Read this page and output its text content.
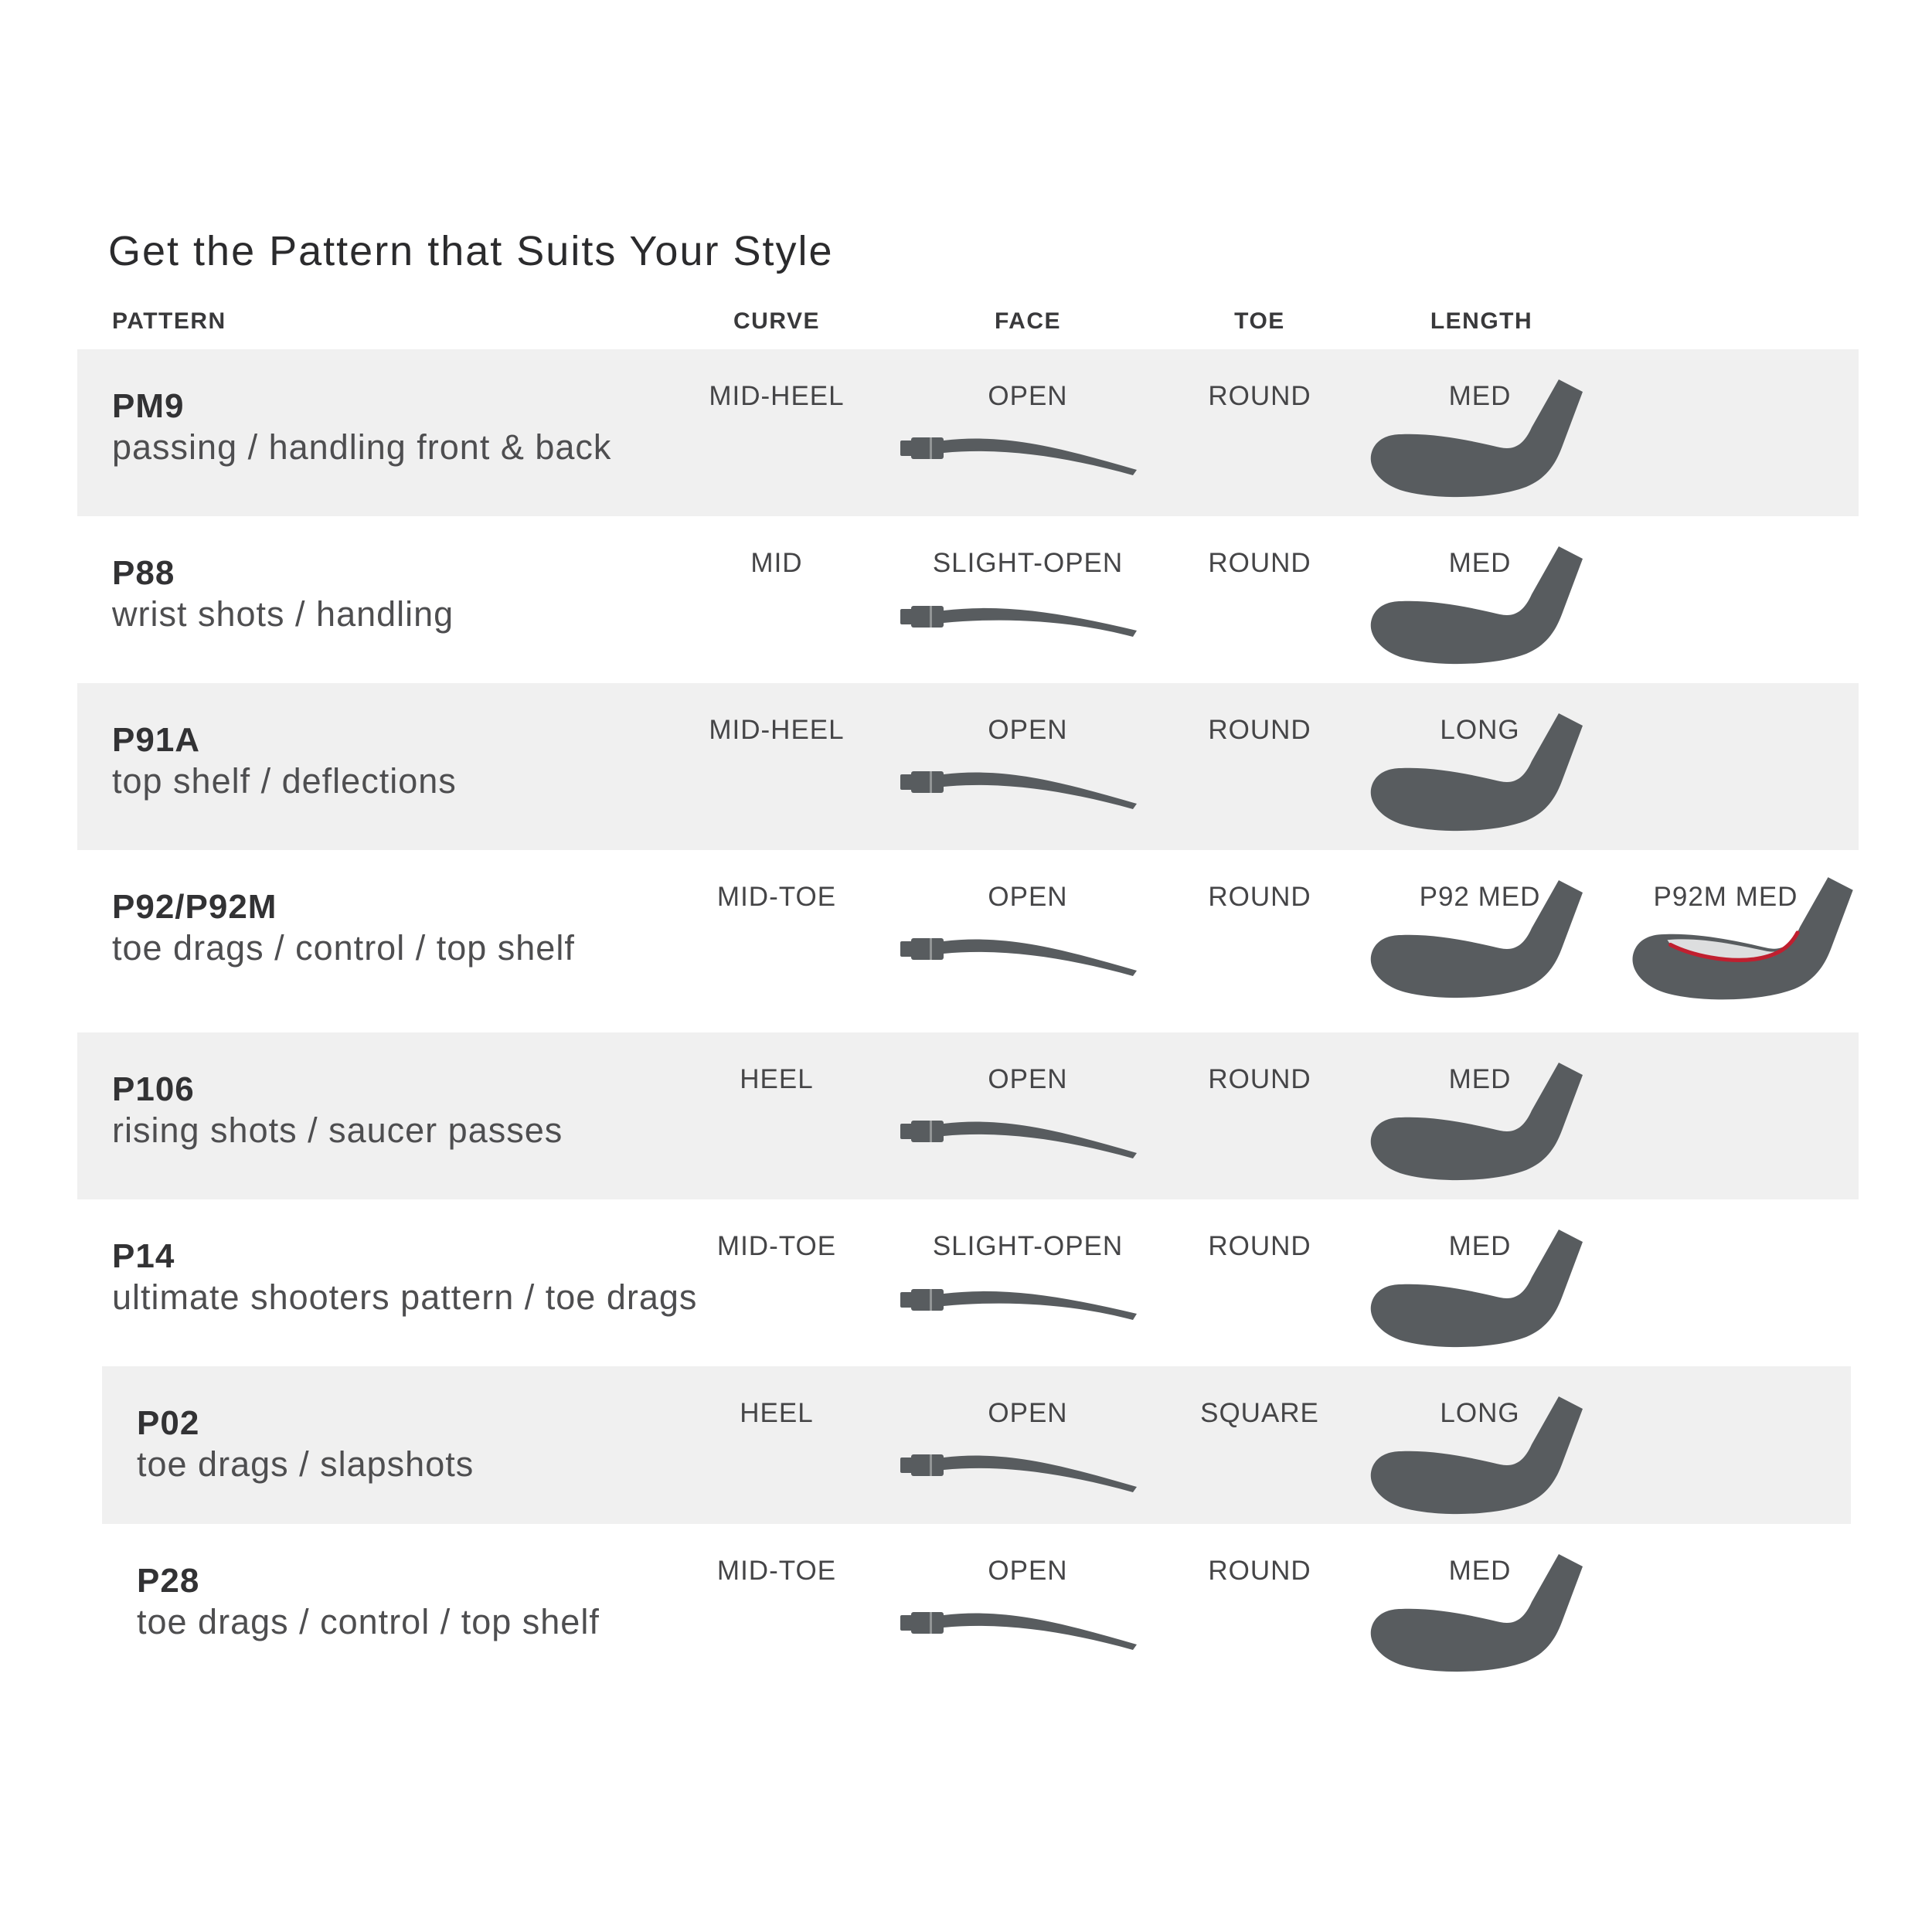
Get the Pattern that Suits Your Style
PATTERN	CURVE	FACE	TOE	LENGTH
PM9
passing / handling front & back
MID-HEEL	OPEN	ROUND	MED
P88
wrist shots / handling
MID	SLIGHT-OPEN	ROUND	MED
P91A
top shelf / deflections
MID-HEEL	OPEN	ROUND	LONG
P92/P92M
toe drags / control / top shelf
MID-TOE	OPEN	ROUND	P92 MED	P92M MED
P106
rising shots / saucer passes
HEEL	OPEN	ROUND	MED
P14
ultimate shooters pattern / toe drags
MID-TOE	SLIGHT-OPEN	ROUND	MED
P02
toe drags / slapshots
HEEL	OPEN	SQUARE	LONG
P28
toe drags / control / top shelf
MID-TOE	OPEN	ROUND	MED
